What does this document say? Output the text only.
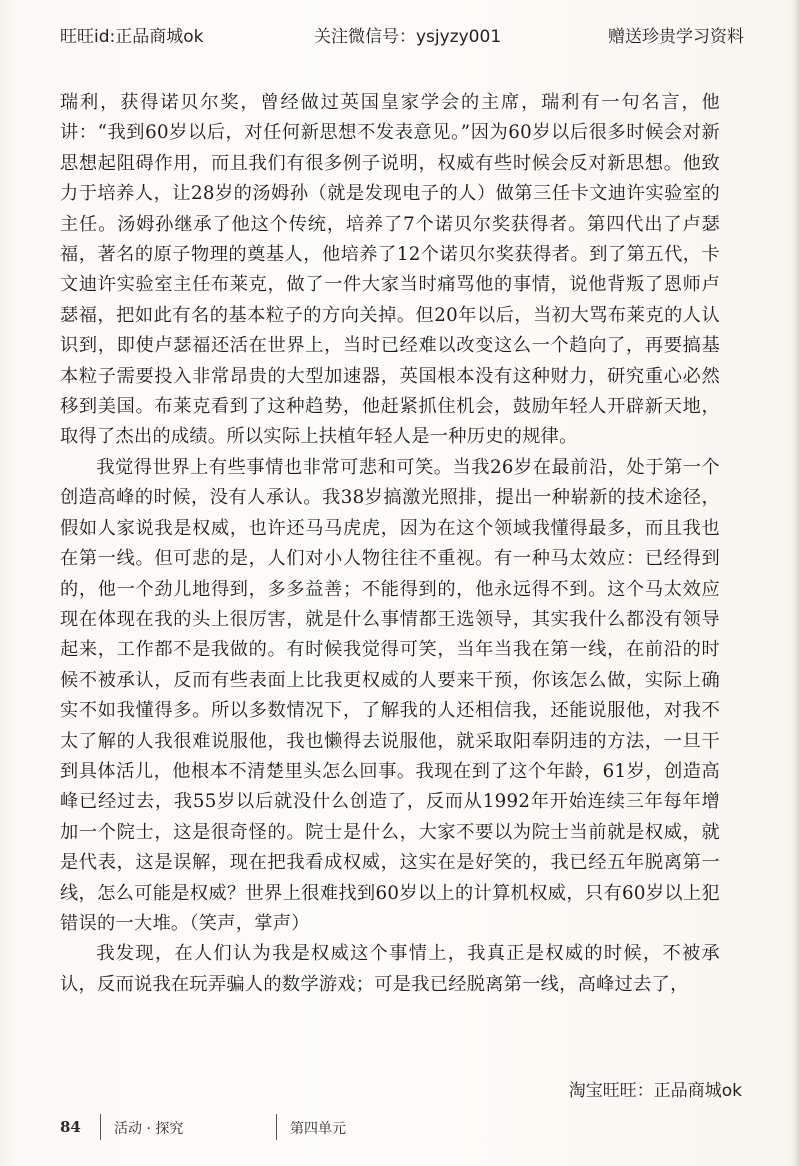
旺旺id:正品商城ok	关注微信号：ysjyzy001	赠送珍贵学习资料

瑞利，获得诺贝尔奖，曾经做过英国皇家学会的主席，瑞利有一句名言，他讲：“我到60岁以后，对任何新思想不发表意见。”因为60岁以后很多时候会对新思想起阻碍作用，而且我们有很多例子说明，权威有些时候会反对新思想。他致力于培养人，让28岁的汤姆孙（就是发现电子的人）做第三任卡文迪许实验室的主任。汤姆孙继承了他这个传统，培养了7个诺贝尔奖获得者。第四代出了卢瑟福，著名的原子物理的奠基人，他培养了12个诺贝尔奖获得者。到了第五代，卡文迪许实验室主任布莱克，做了一件大家当时痛骂他的事情，说他背叛了恩师卢瑟福，把如此有名的基本粒子的方向关掉。但20年以后，当初大骂布莱克的人认识到，即使卢瑟福还活在世界上，当时已经难以改变这么一个趋向了，再要搞基本粒子需要投入非常昂贵的大型加速器，英国根本没有这种财力，研究重心必然移到美国。布莱克看到了这种趋势，他赶紧抓住机会，鼓励年轻人开辟新天地，取得了杰出的成绩。所以实际上扶植年轻人是一种历史的规律。

我觉得世界上有些事情也非常可悲和可笑。当我26岁在最前沿，处于第一个创造高峰的时候，没有人承认。我38岁搞激光照排，提出一种崭新的技术途径，假如人家说我是权威，也许还马马虎虎，因为在这个领域我懂得最多，而且我也在第一线。但可悲的是，人们对小人物往往不重视。有一种马太效应：已经得到的，他一个劲儿地得到，多多益善；不能得到的，他永远得不到。这个马太效应现在体现在我的头上很厉害，就是什么事情都王选领导，其实我什么都没有领导起来，工作都不是我做的。有时候我觉得可笑，当年当我在第一线，在前沿的时候不被承认，反而有些表面上比我更权威的人要来干预，你该怎么做，实际上确实不如我懂得多。所以多数情况下，了解我的人还相信我，还能说服他，对我不太了解的人我很难说服他，我也懒得去说服他，就采取阳奉阴违的方法，一旦干到具体活儿，他根本不清楚里头怎么回事。我现在到了这个年龄，61岁，创造高峰已经过去，我55岁以后就没什么创造了，反而从1992年开始连续三年每年增加一个院士，这是很奇怪的。院士是什么，大家不要以为院士当前就是权威，就是代表，这是误解，现在把我看成权威，这实在是好笑的，我已经五年脱离第一线，怎么可能是权威？世界上很难找到60岁以上的计算机权威，只有60岁以上犯错误的一大堆。（笑声，掌声）

我发现，在人们认为我是权威这个事情上，我真正是权威的时候，不被承认，反而说我在玩弄骗人的数学游戏；可是我已经脱离第一线，高峰过去了，

淘宝旺旺：正品商城ok
84 活动 · 探究	第四单元
